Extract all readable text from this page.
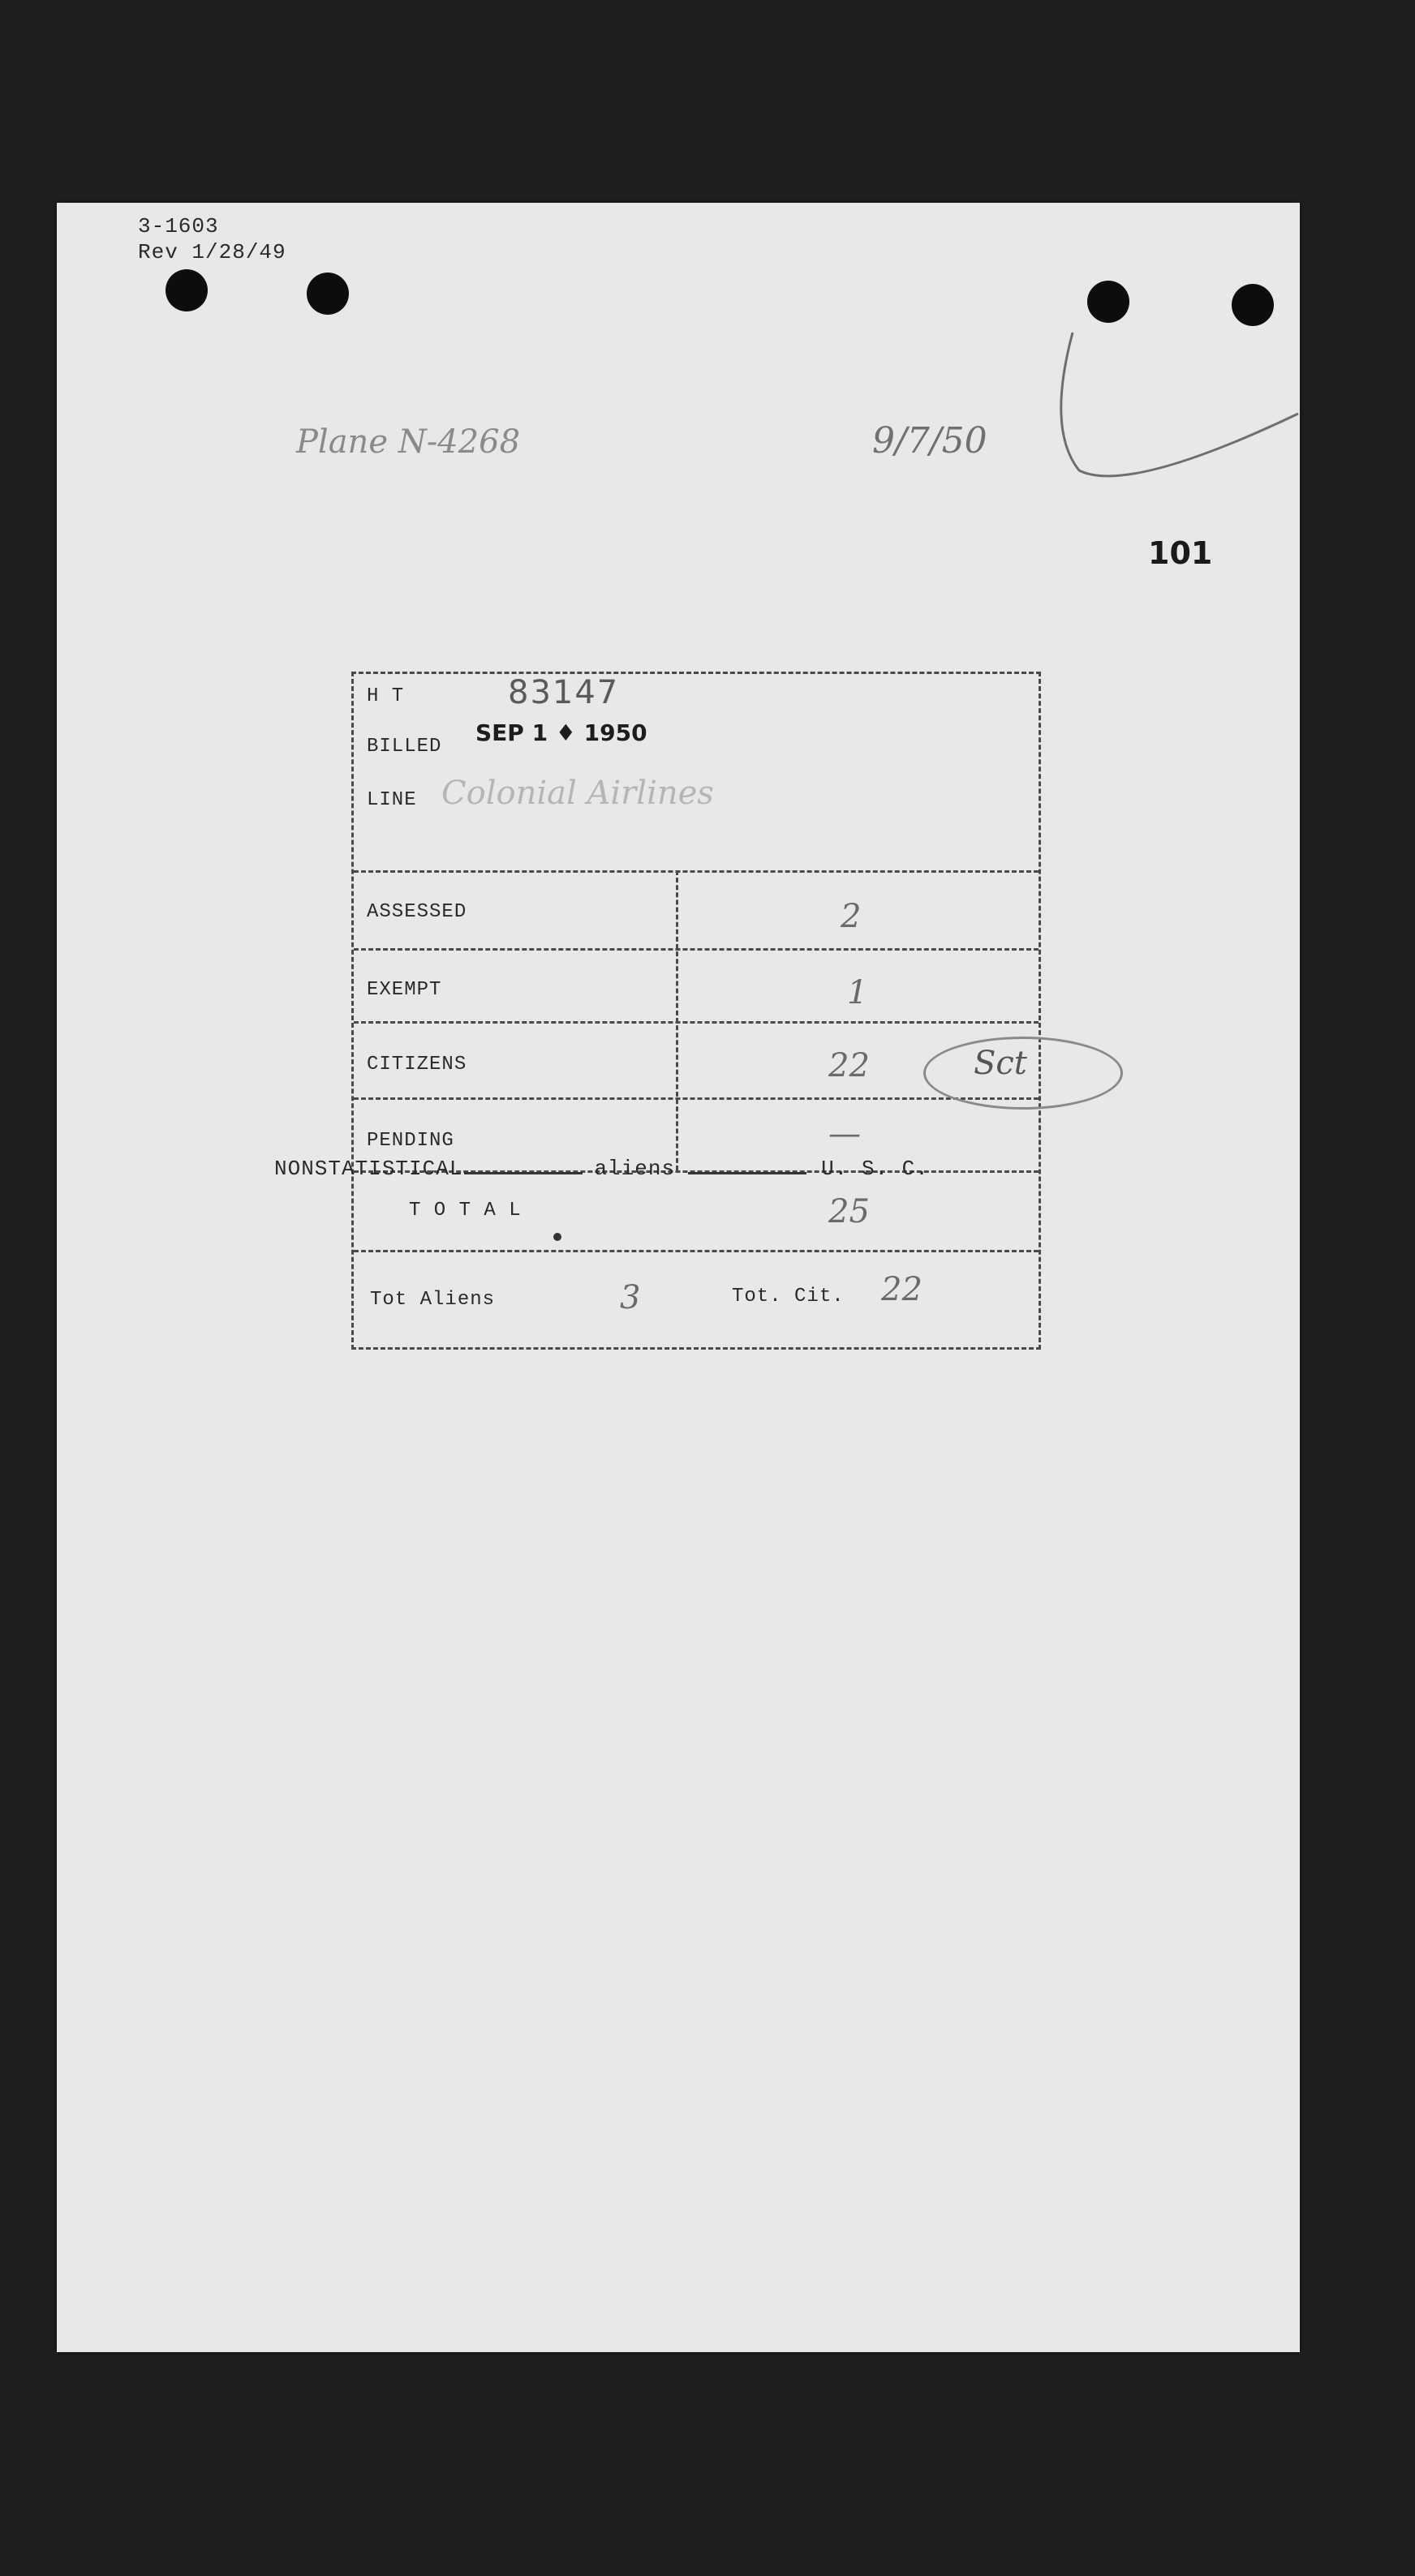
3-1603
Rev 1/28/49
Plane N-4268	9/7/50
101
H T	83147
BILLED
SEP 1 ♦ 1950
LINE Colonial Airlines
ASSESSED	2
EXEMPT	1
CITIZENS	22
PENDING	—
T O T A L	25
Tot Aliens	3	Tot. Cit. 22
Sct
NONSTATISTICAL	aliens	U. S. C.
